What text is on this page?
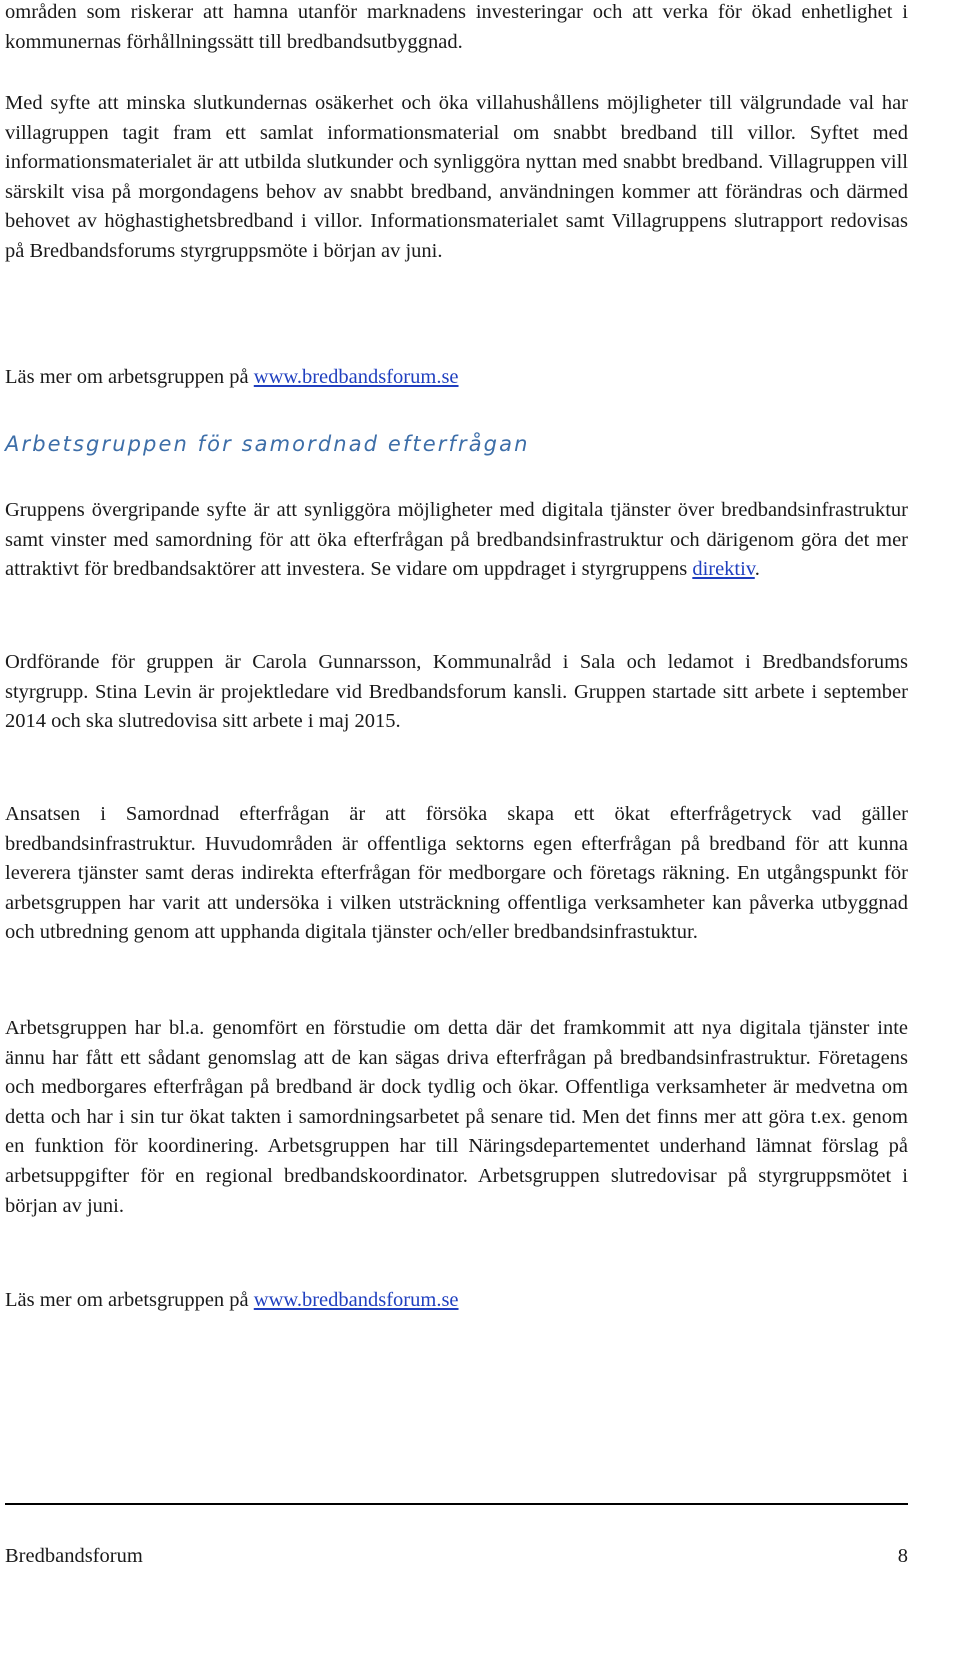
områden som riskerar att hamna utanför marknadens investeringar och att verka för ökad enhetlighet i kommunernas förhållningssätt till bredbandsutbyggnad.

Med syfte att minska slutkundernas osäkerhet och öka villahushållens möjligheter till välgrundade val har villagruppen tagit fram ett samlat informationsmaterial om snabbt bredband till villor. Syftet med informationsmaterialet är att utbilda slutkunder och synliggöra nyttan med snabbt bredband. Villagruppen vill särskilt visa på morgondagens behov av snabbt bredband, användningen kommer att förändras och därmed behovet av höghastighetsbredband i villor. Informationsmaterialet samt Villagruppens slutrapport redovisas på Bredbandsforums styrgruppsmöte i början av juni.

Läs mer om arbetsgruppen på www.bredbandsforum.se

Arbetsgruppen för samordnad efterfrågan

Gruppens övergripande syfte är att synliggöra möjligheter med digitala tjänster över bredbandsinfrastruktur samt vinster med samordning för att öka efterfrågan på bredbandsinfrastruktur och därigenom göra det mer attraktivt för bredbandsaktörer att investera. Se vidare om uppdraget i styrgruppens direktiv.

Ordförande för gruppen är Carola Gunnarsson, Kommunalråd i Sala och ledamot i Bredbandsforums styrgrupp. Stina Levin är projektledare vid Bredbandsforum kansli. Gruppen startade sitt arbete i september 2014 och ska slutredovisa sitt arbete i maj 2015.

Ansatsen i Samordnad efterfrågan är att försöka skapa ett ökat efterfrågetryck vad gäller bredbandsinfrastruktur. Huvudområden är offentliga sektorns egen efterfrågan på bredband för att kunna leverera tjänster samt deras indirekta efterfrågan för medborgare och företags räkning. En utgångspunkt för arbetsgruppen har varit att undersöka i vilken utsträckning offentliga verksamheter kan påverka utbyggnad och utbredning genom att upphanda digitala tjänster och/eller bredbandsinfrastuktur.

Arbetsgruppen har bl.a. genomfört en förstudie om detta där det framkommit att nya digitala tjänster inte ännu har fått ett sådant genomslag att de kan sägas driva efterfrågan på bredbandsinfrastruktur. Företagens och medborgares efterfrågan på bredband är dock tydlig och ökar. Offentliga verksamheter är medvetna om detta och har i sin tur ökat takten i samordningsarbetet på senare tid. Men det finns mer att göra t.ex. genom en funktion för koordinering. Arbetsgruppen har till Näringsdepartementet underhand lämnat förslag på arbetsuppgifter för en regional bredbandskoordinator. Arbetsgruppen slutredovisar på styrgruppsmötet i början av juni.

Läs mer om arbetsgruppen på www.bredbandsforum.se

Bredbandsforum	8
